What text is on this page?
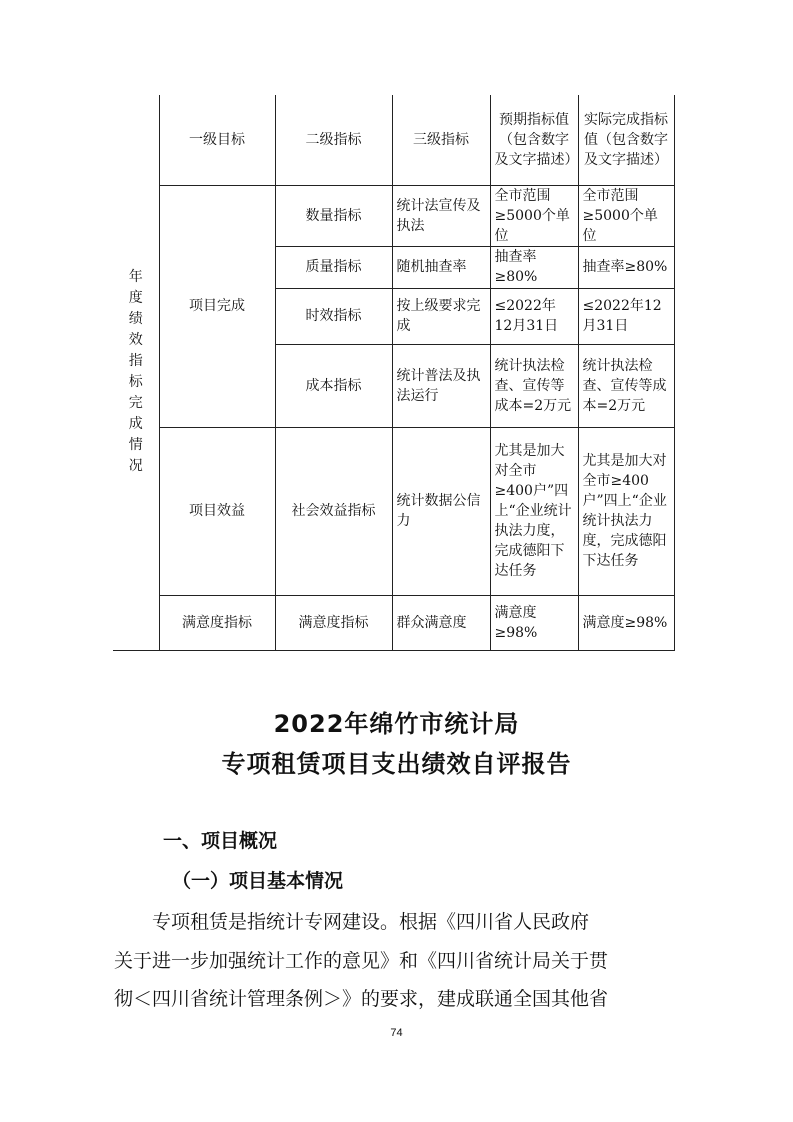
年度绩效指标完成情况	一级目标	二级指标	三级指标	预期指标值（包含数字及文字描述）	实际完成指标值（包含数字及文字描述）
	项目完成	数量指标	统计法宣传及执法	全市范围≥5000个单位	全市范围≥5000个单位
		质量指标	随机抽查率	抽查率≥80%	抽查率≥80%
		时效指标	按上级要求完成	≤2022年12月31日	≤2022年12月31日
		成本指标	统计普法及执法运行	统计执法检查、宣传等成本=2万元	统计执法检查、宣传等成本=2万元
	项目效益	社会效益指标	统计数据公信力	尤其是加大对全市≥400户”四上“企业统计执法力度，完成德阳下达任务	尤其是加大对全市≥400户”四上“企业统计执法力度，完成德阳下达任务
	满意度指标	满意度指标	群众满意度	满意度≥98%	满意度≥98%
2022年绵竹市统计局
专项租赁项目支出绩效自评报告
一、项目概况
（一）项目基本情况
专项租赁是指统计专网建设。根据《四川省人民政府
关于进一步加强统计工作的意见》和《四川省统计局关于贯
彻＜四川省统计管理条例＞》的要求，建成联通全国其他省
74
